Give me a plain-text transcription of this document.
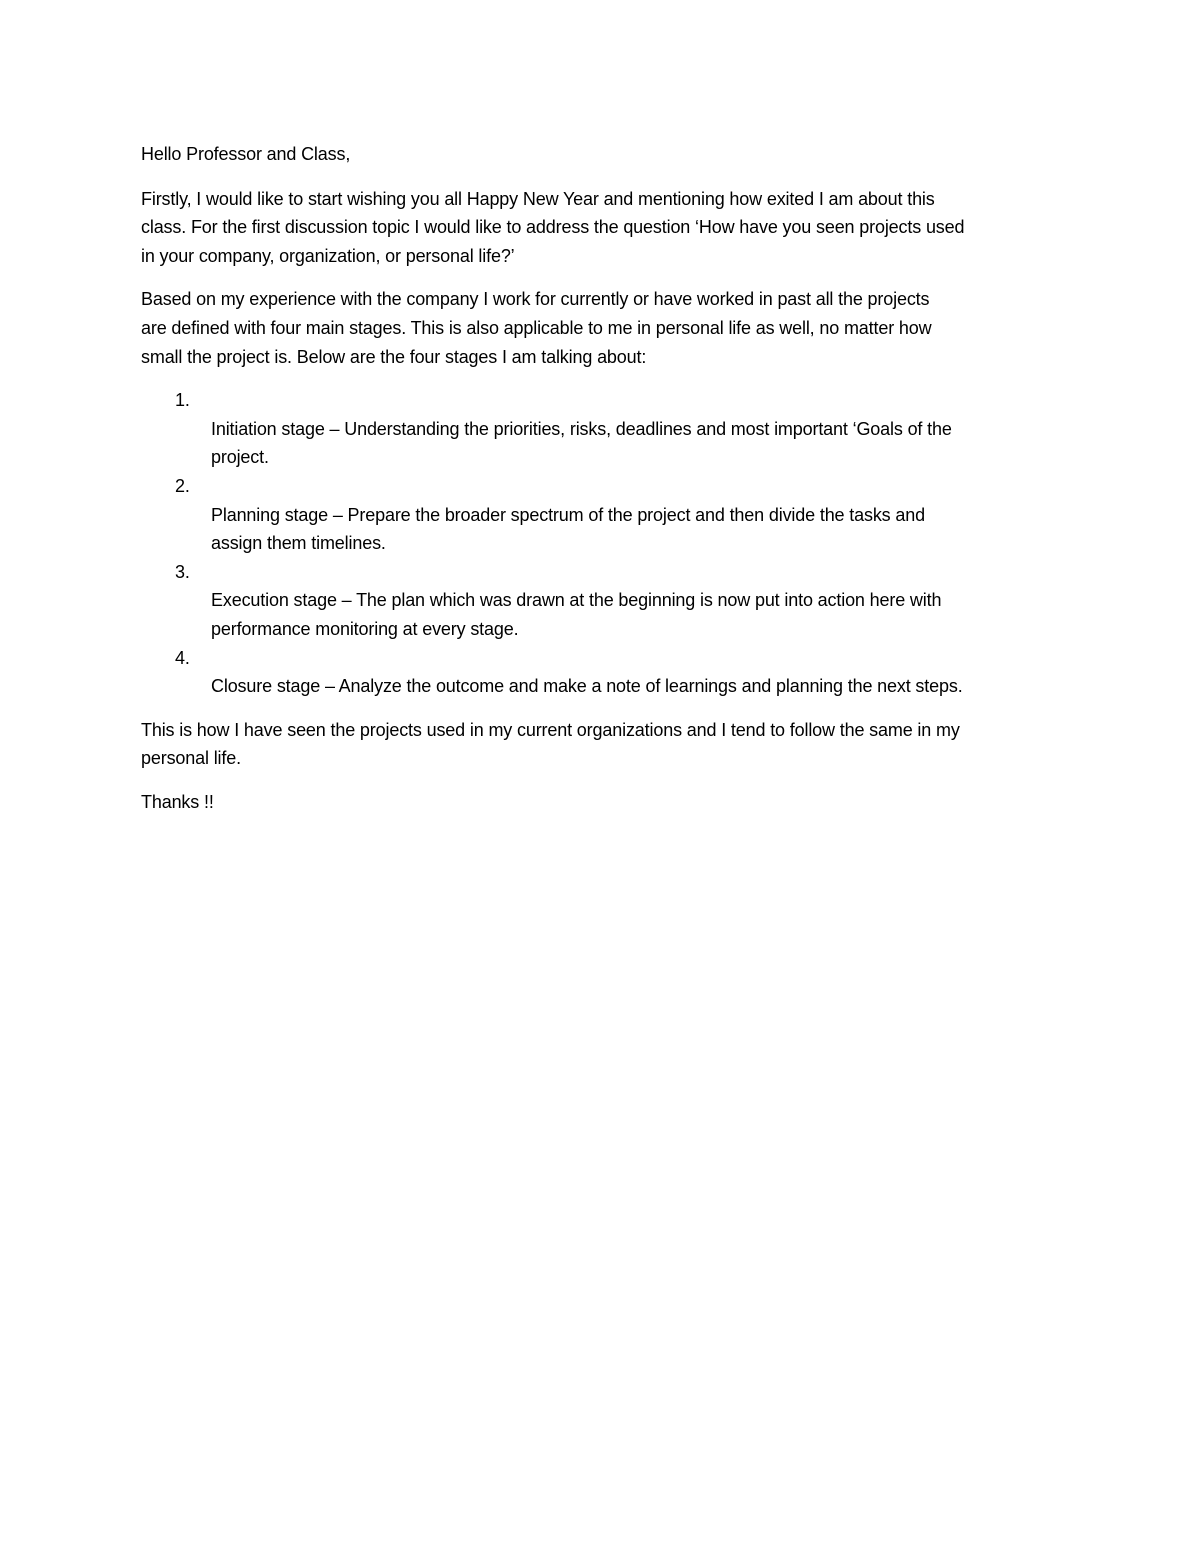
Hello Professor and Class,

Firstly, I would like to start wishing you all Happy New Year and mentioning how exited I am about this
class. For the first discussion topic I would like to address the question ‘How have you seen projects used
in your company, organization, or personal life?’

Based on my experience with the company I work for currently or have worked in past all the projects
are defined with four main stages. This is also applicable to me in personal life as well, no matter how
small the project is. Below are the four stages I am talking about:

1.
Initiation stage – Understanding the priorities, risks, deadlines and most important ‘Goals of the
project.

2.
Planning stage – Prepare the broader spectrum of the project and then divide the tasks and
assign them timelines.

3.
Execution stage – The plan which was drawn at the beginning is now put into action here with
performance monitoring at every stage.

4.
Closure stage – Analyze the outcome and make a note of learnings and planning the next steps.

This is how I have seen the projects used in my current organizations and I tend to follow the same in my
personal life.

Thanks !!
